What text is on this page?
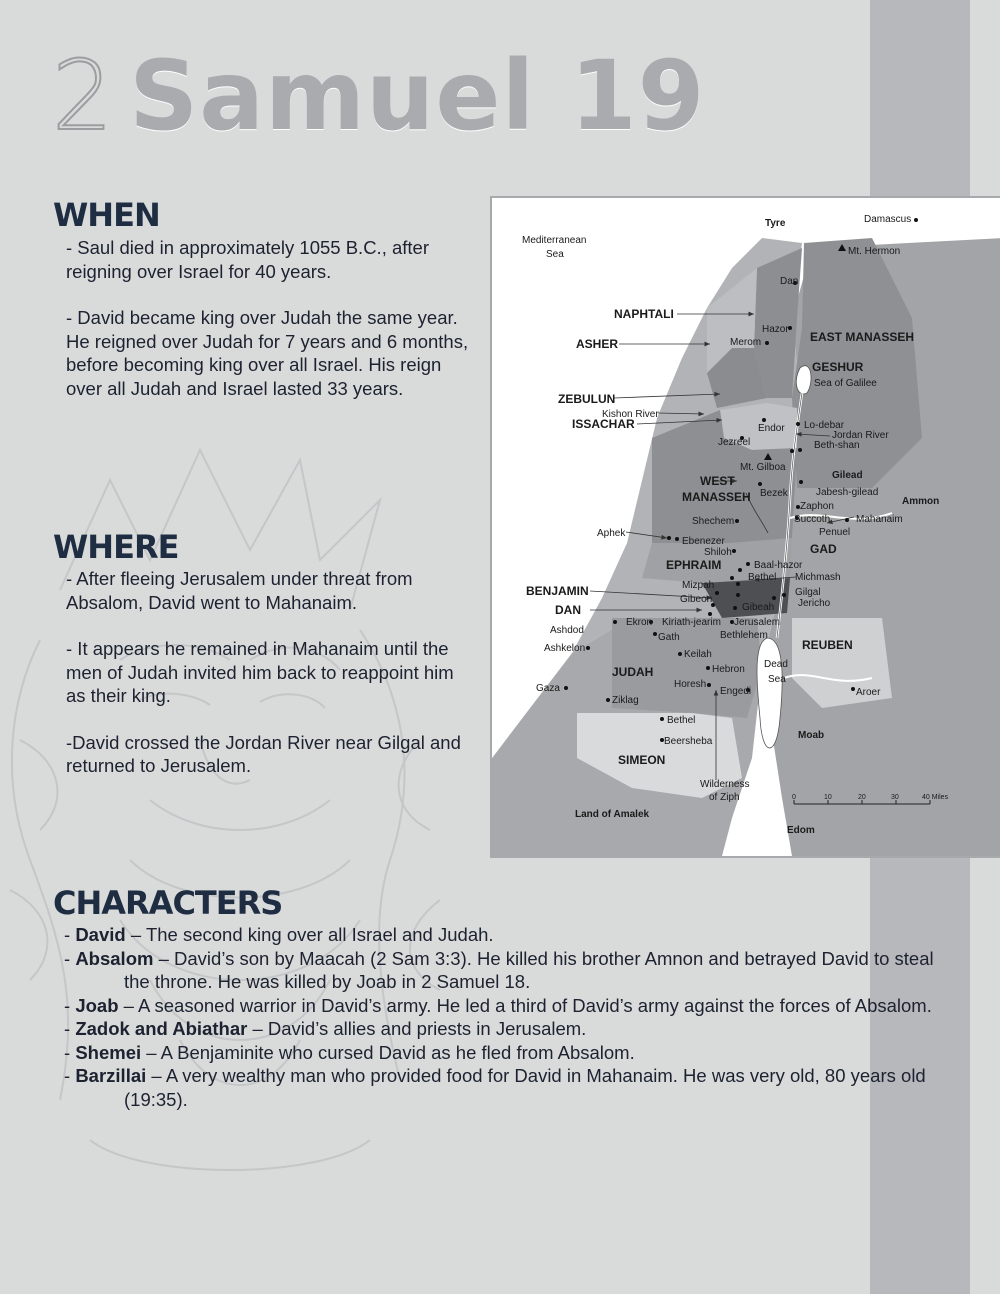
2 Samuel 19
WHEN

- Saul died in approximately 1055 B.C., after reigning over Israel for 40 years.

- David became king over Judah the same year. He reigned over Judah for 7 years and 6 months, before becoming king over all Israel. His reign over all Judah and Israel lasted 33 years.

WHERE

- After fleeing Jerusalem under threat from Absalom, David went to Mahanaim.

- It appears he remained in Mahanaim until the men of Judah invited him back to reappoint him as their king.

-David crossed the Jordan River near Gilgal and returned to Jerusalem.

CHARACTERS
- David – The second king over all Israel and Judah.
- Absalom – David’s son by Maacah (2 Sam 3:3). He killed his brother Amnon and betrayed David to steal the throne. He was killed by Joab in 2 Samuel 18.
- Joab – A seasoned warrior in David’s army. He led a third of David’s army against the forces of Absalom.
- Zadok and Abiathar – David’s allies and priests in Jerusalem.
- Shemei – A Benjaminite who cursed David as he fled from Absalom.
- Barzillai – A very wealthy man who provided food for David in Mahanaim. He was very old, 80 years old (19:35).
0	10	20	30	40 Miles
Tyre	Damascus
Mediterranean
Sea	Mt. Hermon
Dan
NAPHTALI
Hazor
EAST MANASSEH
ASHER	Merom
GESHUR
Sea of Galilee
ZEBULUN
Kishon River
ISSACHAR	Endor Lo-debar
Jordan River
Jezreel	Beth-shan
Mt. Gilboa
Gilead
WEST
MANASSEH Bezek	Jabesh-gilead
Ammon
Zaphon
Shechem	Succoth	Mahanaim
Aphek	Penuel
Ebenezer
Shiloh	GAD
EPHRAIM	Baal-hazor
Bethel Michmash
Mizpah
BENJAMIN
Gibeon
Gilgal
Jericho
Gibeah
DAN
Ashdod
Ekron Kiriath-jearim Jerusalem
Bethlehem
Gath
REUBEN
Ashkelon
Keilah
Dead
JUDAH	Hebron
Sea
Gaza	Horesh
Engedi	Aroer
Ziklag
Bethel
Moab
Beersheba
SIMEON
Wilderness
of Ziph
Land of Amalek
Edom
